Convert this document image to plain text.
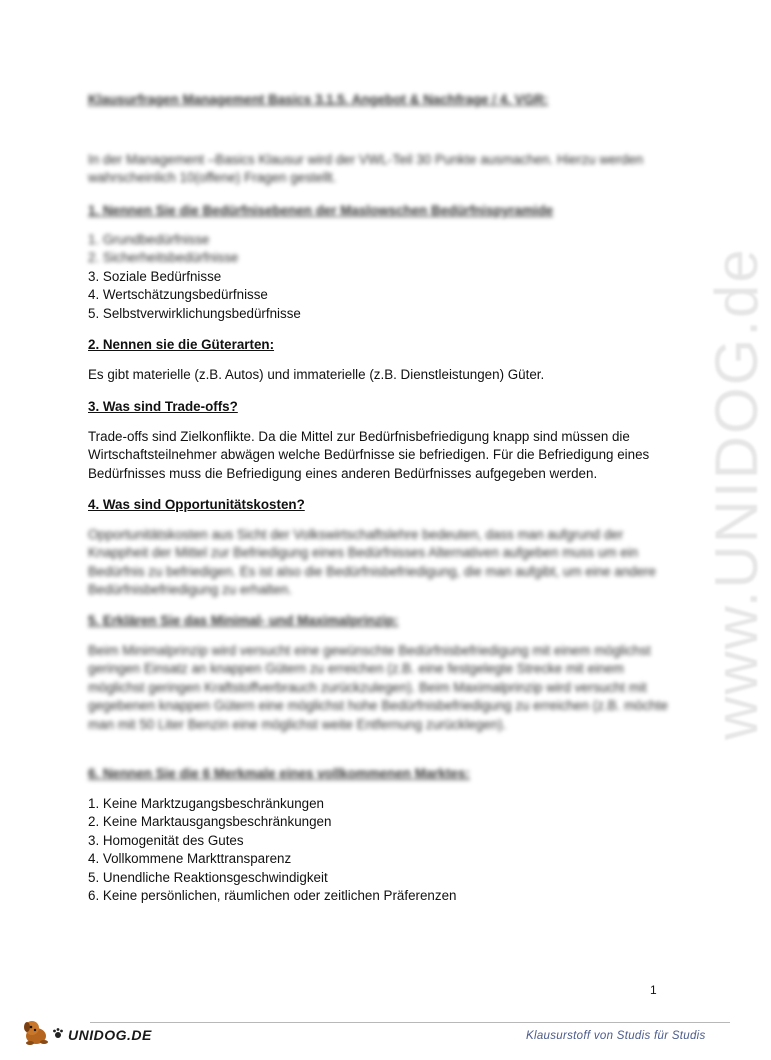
www.UNIDOG.de
Klausurfragen Management Basics 3.1.5. Angebot & Nachfrage / 4. VGR:

In der Management –Basics Klausur wird der VWL-Teil 30 Punkte ausmachen. Hierzu werden wahrscheinlich 10(offene) Fragen gestellt.

1. Nennen Sie die Bedürfnisebenen der Maslowschen Bedürfnispyramide

1. Grundbedürfnisse
2. Sicherheitsbedürfnisse
3. Soziale Bedürfnisse
4. Wertschätzungsbedürfnisse
5. Selbstverwirklichungsbedürfnisse

2. Nennen sie die Güterarten:

Es gibt materielle (z.B. Autos) und immaterielle (z.B. Dienstleistungen) Güter.

3. Was sind Trade-offs?

Trade-offs sind Zielkonflikte. Da die Mittel zur Bedürfnisbefriedigung knapp sind müssen die Wirtschaftsteilnehmer abwägen welche Bedürfnisse sie befriedigen. Für die Befriedigung eines Bedürfnisses muss die Befriedigung eines anderen Bedürfnisses aufgegeben werden.

4. Was sind Opportunitätskosten?

Opportunitätskosten aus Sicht der Volkswirtschaftslehre bedeuten, dass man aufgrund der Knappheit der Mittel zur Befriedigung eines Bedürfnisses Alternativen aufgeben muss um ein Bedürfnis zu befriedigen. Es ist also die Bedürfnisbefriedigung, die man aufgibt, um eine andere Bedürfnisbefriedigung zu erhalten.

5. Erklären Sie das Minimal- und Maximalprinzip:

Beim Minimalprinzip wird versucht eine gewünschte Bedürfnisbefriedigung mit einem möglichst geringen Einsatz an knappen Gütern zu erreichen (z.B. eine festgelegte Strecke mit einem möglichst geringen Kraftstoffverbrauch zurückzulegen). Beim Maximalprinzip wird versucht mit gegebenen knappen Gütern eine möglichst hohe Bedürfnisbefriedigung zu erreichen (z.B. möchte man mit 50 Liter Benzin eine möglichst weite Entfernung zurücklegen).

6. Nennen Sie die 6 Merkmale eines vollkommenen Marktes:

1. Keine Marktzugangsbeschränkungen
2. Keine Marktausgangsbeschränkungen
3. Homogenität des Gutes
4. Vollkommene Markttransparenz
5. Unendliche Reaktionsgeschwindigkeit
6. Keine persönlichen, räumlichen oder zeitlichen Präferenzen
1
UNIDOG.DE	Klausurstoff von Studis für Studis
